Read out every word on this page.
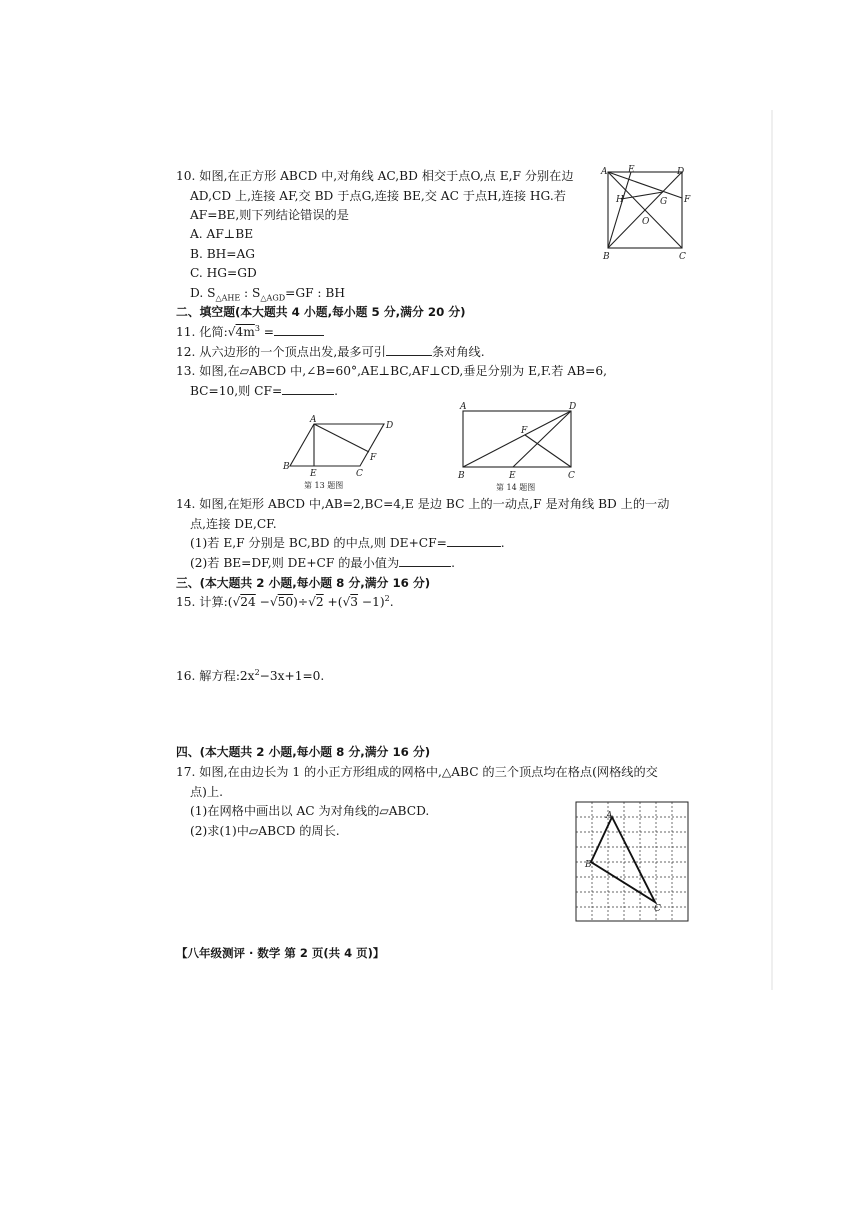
10. 如图,在正方形 ABCD 中,对角线 AC,BD 相交于点O,点 E,F 分别在边
AD,CD 上,连接 AF,交 BD 于点G,连接 BE,交 AC 于点H,连接 HG.若
AF=BE,则下列结论错误的是
A. AF⊥BE
B. BH=AG
C. HG=GD
D. $S_{\triangle AHE}$ : $S_{\triangle AGD}=GF$ : BH
A E	D
H	G F
O
B	C
二、填空题(本大题共 4 小题,每小题 5 分,满分 20 分)
11. 化简$:√4m^3$ =
12. 从六边形的一个顶点出发,最多可引	条对角线.
13. 如图,在▱ABCD 中,∠B=60°,AE⊥BC,AF⊥CD,垂足分别为 E,F.若 AB=6,
BC=10,则 CF=	.
A
D
B
E	C
F
第 13 题图
A	D
F
B	E	C
第 14 题图
14. 如图,在矩形 ABCD 中,AB=2,BC=4,E 是边 BC 上的一动点,F 是对角线 BD 上的一动
点,连接 DE,CF.
(1)若 E,F 分别是 BC,BD 的中点,则 DE+CF=	.
(2)若 BE=DF,则 DE+CF 的最小值为	.
三、(本大题共 2 小题,每小题 8 分,满分 16 分)
15. 计算:(√24 $-√50)\div√2 +(√3 -1)^2$.
16. 解方程$:2x^2-3x+1=0$.
四、(本大题共 2 小题,每小题 8 分,满分 16 分)
17. 如图,在由边长为 1 的小正方形组成的网格中,△ABC 的三个顶点均在格点(网格线的交
点)上.
(1)在网格中画出以 AC 为对角线的▱ABCD.
(2)求(1)中▱ABCD 的周长.
A
B
C
【八年级测评 · 数学 第 2 页(共 4 页)】
